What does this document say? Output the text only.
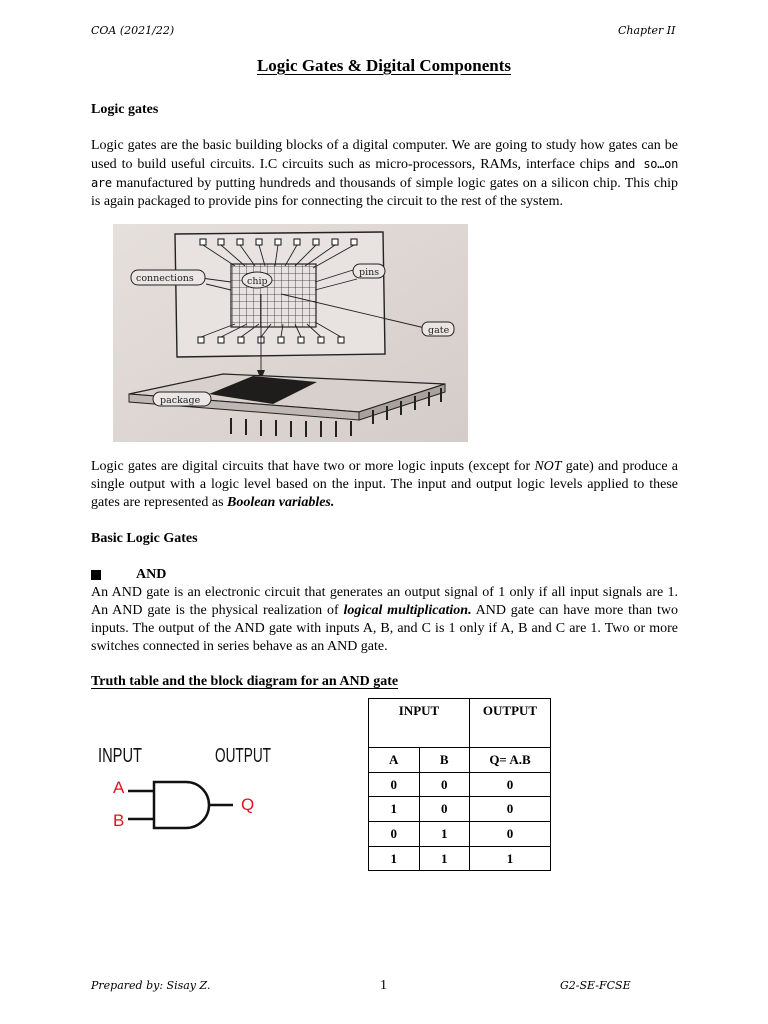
COA (2021/22)	Chapter II
Logic Gates & Digital Components
Logic gates
Logic gates are the basic building blocks of a digital computer. We are going to study how gates can be used to build useful circuits. I.C circuits such as micro-processors, RAMs, interface chips and so…on are manufactured by putting hundreds and thousands of simple logic gates on a silicon chip. This chip is again packaged to provide pins for connecting the circuit to the rest of the system.
connections	chip
pins
gate
package
Logic gates are digital circuits that have two or more logic inputs (except for NOT gate) and produce a single output with a logic level based on the input. The input and output logic levels applied to these gates are represented as Boolean variables.
Basic Logic Gates
AND
An AND gate is an electronic circuit that generates an output signal of 1 only if all input signals are 1. An AND gate is the physical realization of logical multiplication. AND gate can have more than two inputs. The output of the AND gate with inputs A, B, and C is 1 only if A, B and C are 1. Two or more switches connected in series behave as an AND gate.
Truth table and the block diagram for an AND gate
INPUT	OUTPUT
A
B
Q
INPUT		OUTPUT
A	B	Q= A.B
0	0	0
1	0	0
0	1	0
1	1	1
Prepared by: Sisay Z.	1	G2-SE-FCSE
